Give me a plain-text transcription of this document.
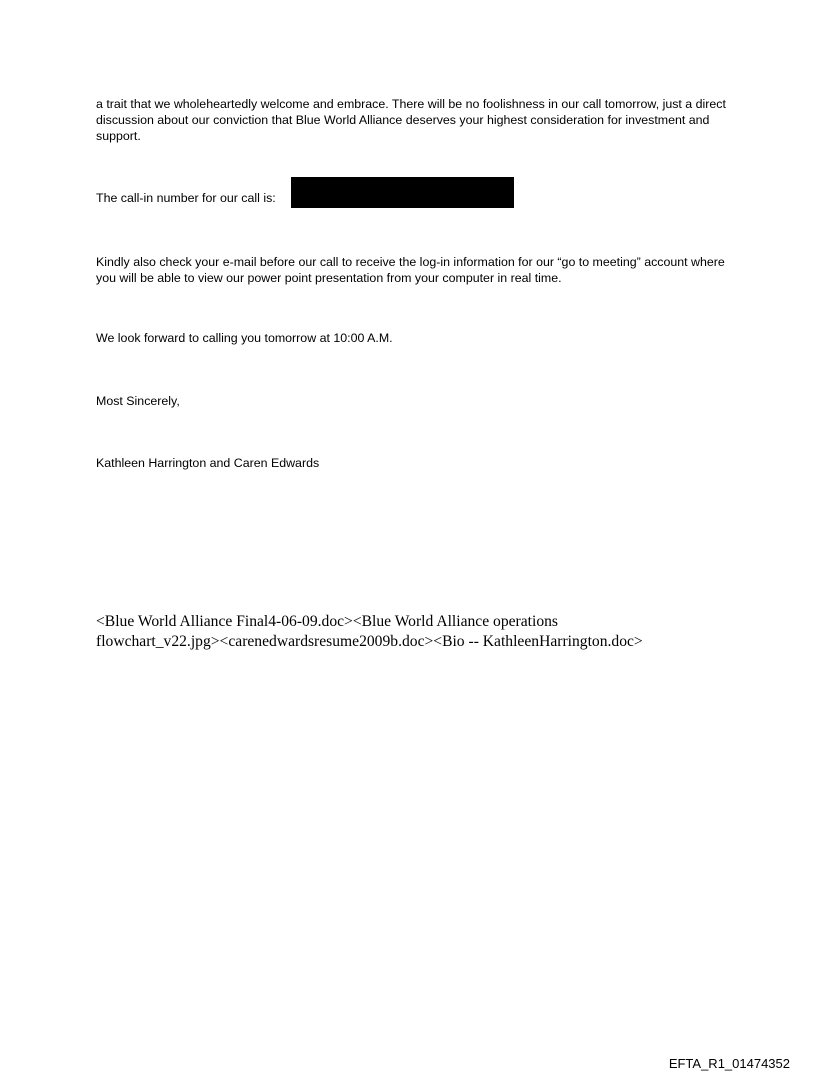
a trait that we wholeheartedly welcome and embrace. There will be no foolishness in our call tomorrow, just a direct discussion about our conviction that Blue World Alliance deserves your highest consideration for investment and support.

The call-in number for our call is:

Kindly also check your e-mail before our call to receive the log-in information for our “go to meeting” account where you will be able to view our power point presentation from your computer in real time.

We look forward to calling you tomorrow at 10:00 A.M.

Most Sincerely,

Kathleen Harrington and Caren Edwards

<Blue World Alliance Final4-06-09.doc><Blue World Alliance operations
flowchart_v22.jpg><carenedwardsresume2009b.doc><Bio -- KathleenHarrington.doc>
EFTA_R1_01474352
